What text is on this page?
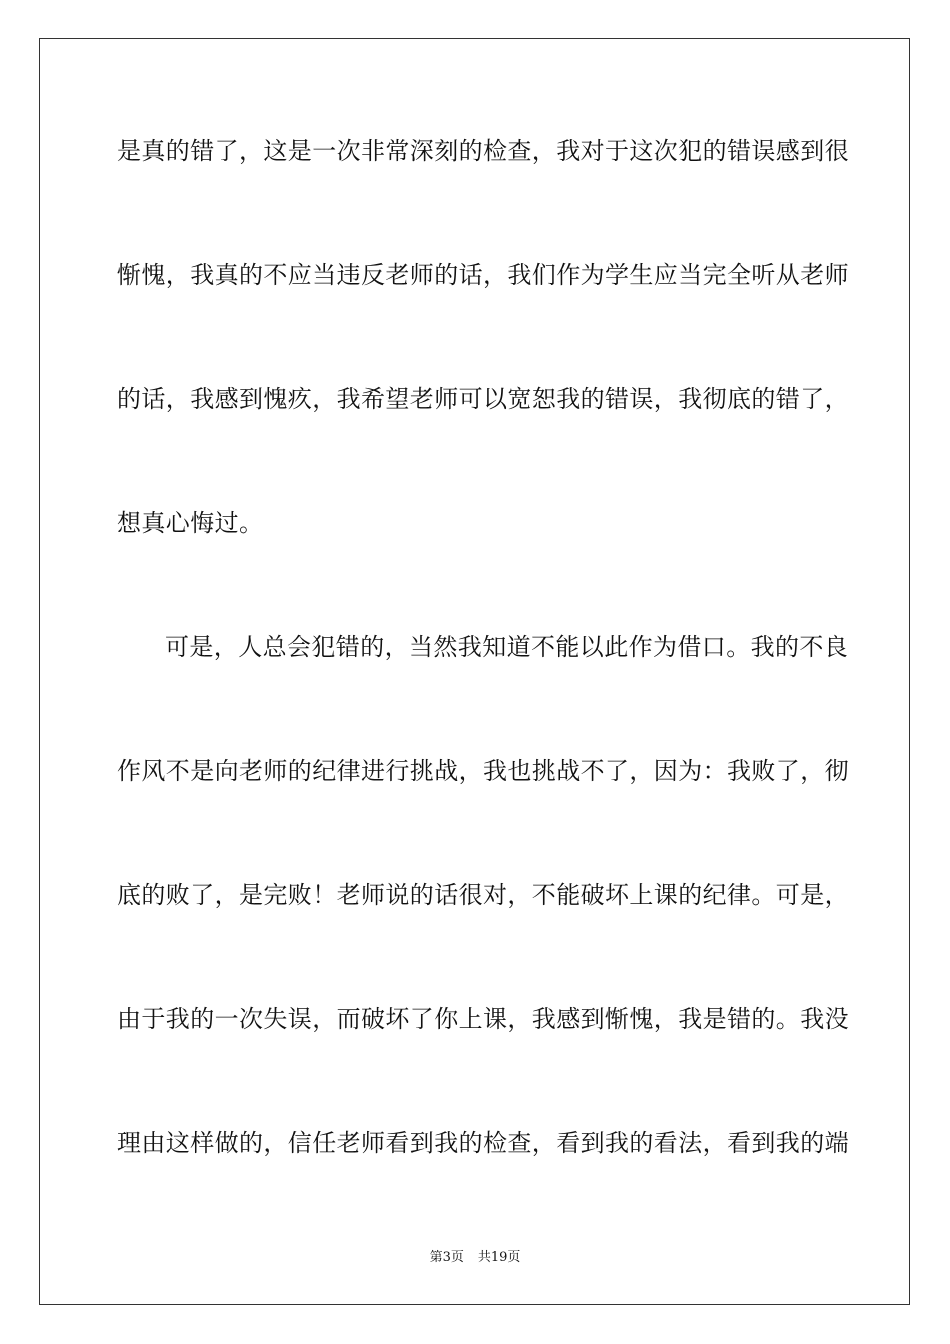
是真的错了，这是一次非常深刻的检查，我对于这次犯的错误感到很
惭愧，我真的不应当违反老师的话，我们作为学生应当完全听从老师
的话，我感到愧疚，我希望老师可以宽恕我的错误，我彻底的错了，
想真心悔过。
可是，人总会犯错的，当然我知道不能以此作为借口。我的不良
作风不是向老师的纪律进行挑战，我也挑战不了，因为：我败了，彻
底的败了，是完败！老师说的话很对，不能破坏上课的纪律。可是，
由于我的一次失误，而破坏了你上课，我感到惭愧，我是错的。我没
理由这样做的，信任老师看到我的检查，看到我的看法，看到我的端
第3页 共19页
